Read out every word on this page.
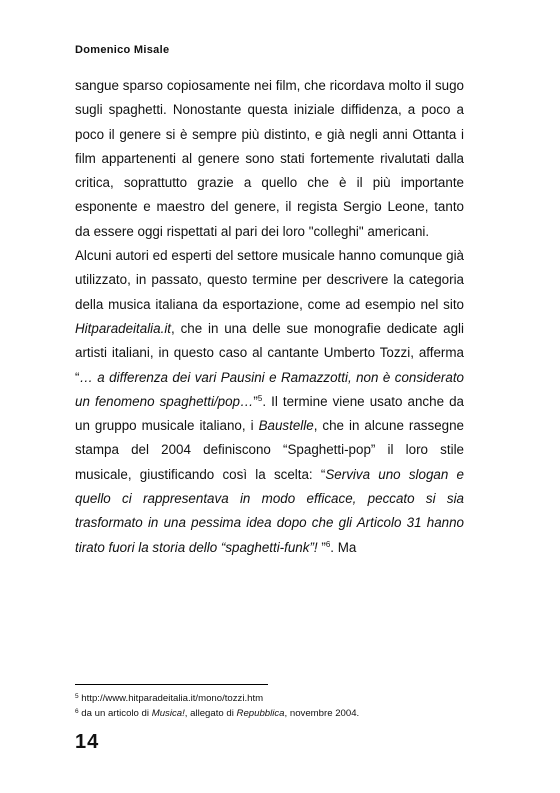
Domenico Misale

sangue sparso copiosamente nei film, che ricordava molto il sugo sugli spaghetti. Nonostante questa iniziale diffidenza, a poco a poco il genere si è sempre più distinto, e già negli anni Ottanta i film appartenenti al genere sono stati fortemente rivalutati dalla critica, soprattutto grazie a quello che è il più importante esponente e maestro del genere, il regista Sergio Leone, tanto da essere oggi rispettati al pari dei loro "colleghi" americani.

Alcuni autori ed esperti del settore musicale hanno comunque già utilizzato, in passato, questo termine per descrivere la categoria della musica italiana da esportazione, come ad esempio nel sito Hitparadeitalia.it, che in una delle sue monografie dedicate agli artisti italiani, in questo caso al cantante Umberto Tozzi, afferma “… a differenza dei vari Pausini e Ramazzotti, non è considerato un fenomeno spaghetti/pop…”$^5$. Il termine viene usato anche da un gruppo musicale italiano, i Baustelle, che in alcune rassegne stampa del 2004 definiscono “Spaghetti-pop” il loro stile musicale, giustificando così la scelta: “Serviva uno slogan e quello ci rappresentava in modo efficace, peccato si sia trasformato in una pessima idea dopo che gli Articolo 31 hanno tirato fuori la storia dello “spaghetti-funk”! ”$^6$. Ma

$^5$ http://www.hitparadeitalia.it/mono/tozzi.htm
$^6$ da un articolo di Musica!, allegato di Repubblica, novembre 2004.
14
